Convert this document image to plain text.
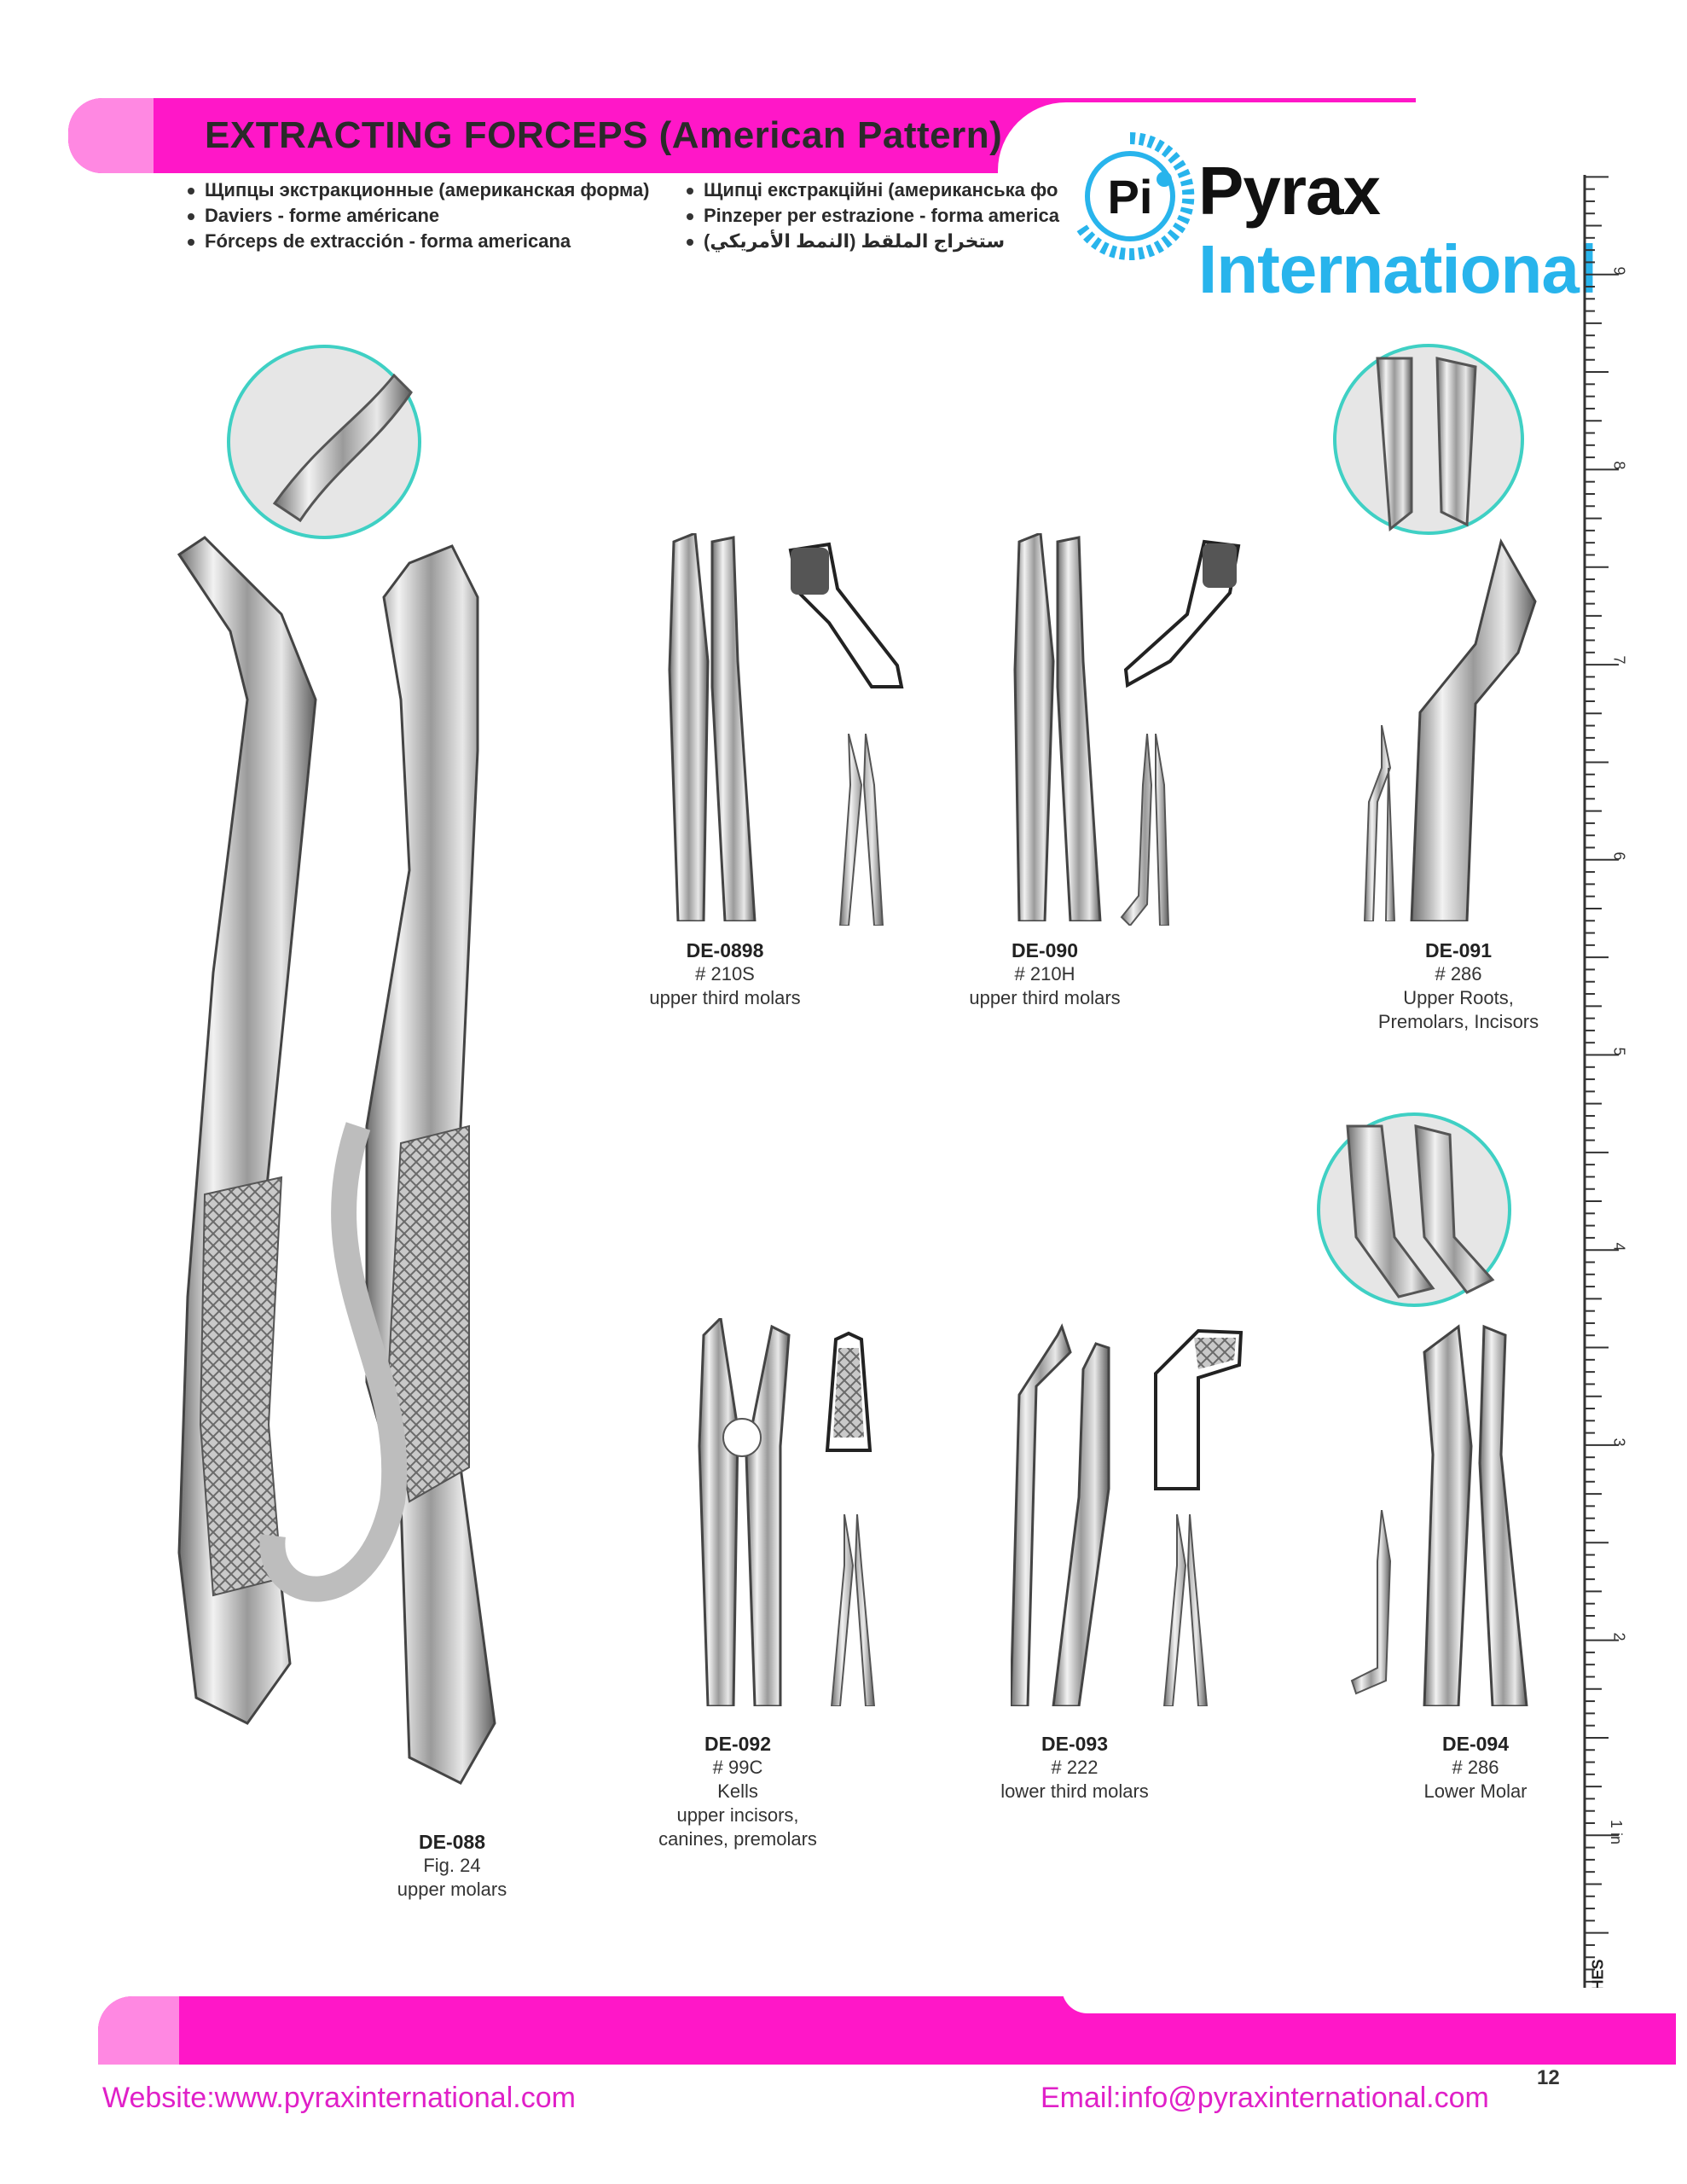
EXTRACTING FORCEPS (American Pattern)
Щипцы экстракционные (американская форма)
Daviers - forme américane
Fórceps de extracción - forma americana
Щипці екстракційні (американська фо
Pinzeper per estrazione - forma america
ستخراج الملقط (النمط الأمريكي)
Pi Pyrax International 9
8
7
6
5
4
3
2
1 in
DE-088
Fig. 24
upper molars
DE-0898
# 210S
upper third molars
DE-090
# 210H
upper third molars
DE-091
# 286
Upper Roots,
Premolars, Incisors
DE-092
# 99C
Kells
upper incisors,
canines, premolars
DE-093
# 222
lower third molars
DE-094
# 286
Lower Molar
12
Website:www.pyraxinternational.com	Email:info@pyraxinternational.com
